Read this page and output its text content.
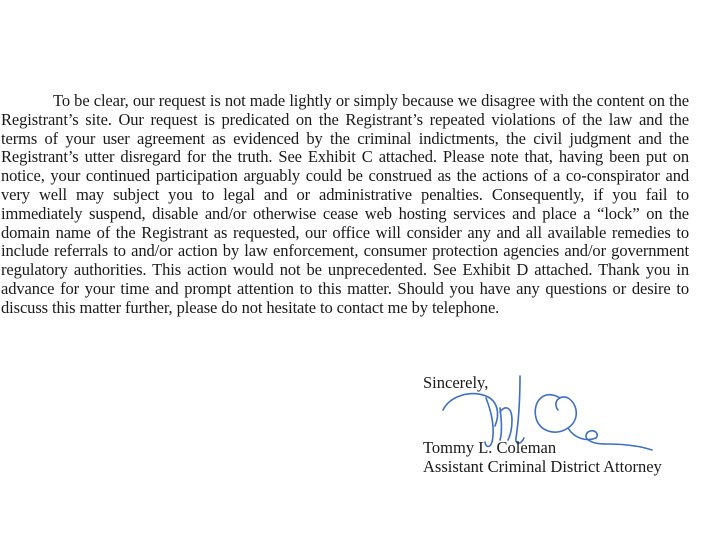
To be clear, our request is not made lightly or simply because we disagree with the content on the Registrant’s site. Our request is predicated on the Registrant’s repeated violations of the law and the terms of your user agreement as evidenced by the criminal indictments, the civil judgment and the Registrant’s utter disregard for the truth. See Exhibit C attached. Please note that, having been put on notice, your continued participation arguably could be construed as the actions of a co-conspirator and very well may subject you to legal and or administrative penalties. Consequently, if you fail to immediately suspend, disable and/or otherwise cease web hosting services and place a “lock” on the domain name of the Registrant as requested, our office will consider any and all available remedies to include referrals to and/or action by law enforcement, consumer protection agencies and/or government regulatory authorities. This action would not be unprecedented. See Exhibit D attached. Thank you in advance for your time and prompt attention to this matter. Should you have any questions or desire to discuss this matter further, please do not hesitate to contact me by telephone.

Sincerely,
Tommy L. Coleman
Assistant Criminal District Attorney
